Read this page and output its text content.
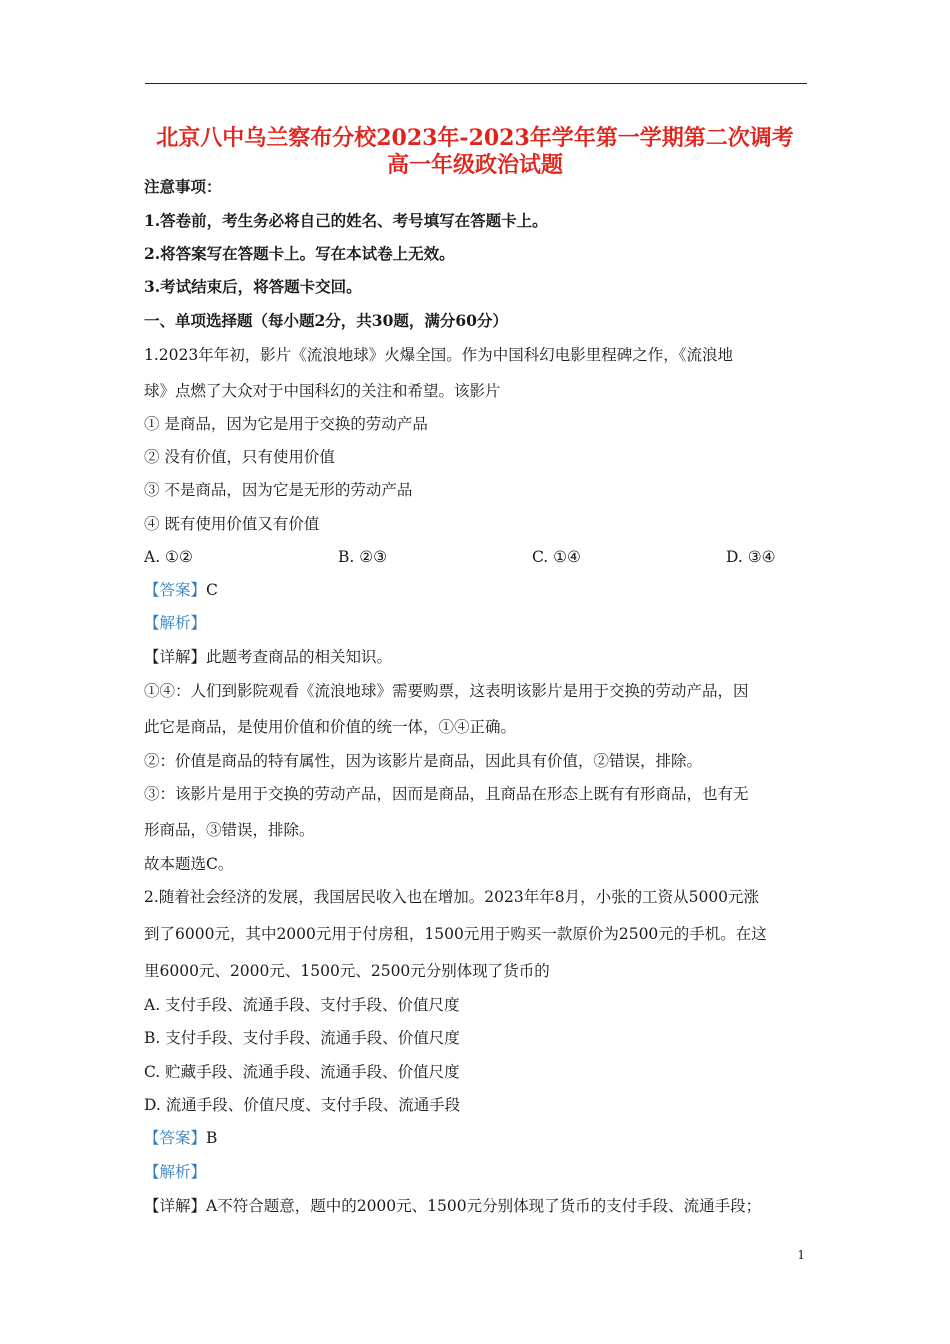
北京八中乌兰察布分校2023年-2023年学年第一学期第二次调考
高一年级政治试题
注意事项：
1.答卷前，考生务必将自己的姓名、考号填写在答题卡上。
2.将答案写在答题卡上。写在本试卷上无效。
3.考试结束后，将答题卡交回。
一、单项选择题（每小题2分，共30题，满分60分）
1.2023年年初，影片《流浪地球》火爆全国。作为中国科幻电影里程碑之作，《流浪地
球》点燃了大众对于中国科幻的关注和希望。该影片
① 是商品，因为它是用于交换的劳动产品
② 没有价值，只有使用价值
③ 不是商品，因为它是无形的劳动产品
④ 既有使用价值又有价值
A. ①②	B. ②③	C. ①④	D. ③④
【答案】C
【解析】
【详解】此题考查商品的相关知识。
①④：人们到影院观看《流浪地球》需要购票，这表明该影片是用于交换的劳动产品，因
此它是商品，是使用价值和价值的统一体，①④正确。
②：价值是商品的特有属性，因为该影片是商品，因此具有价值，②错误，排除。
③：该影片是用于交换的劳动产品，因而是商品，且商品在形态上既有有形商品，也有无
形商品，③错误，排除。
故本题选C。
2.随着社会经济的发展，我国居民收入也在增加。2023年年8月，小张的工资从5000元涨
到了6000元，其中2000元用于付房租，1500元用于购买一款原价为2500元的手机。在这
里6000元、2000元、1500元、2500元分别体现了货币的
A. 支付手段、流通手段、支付手段、价值尺度
B. 支付手段、支付手段、流通手段、价值尺度
C. 贮藏手段、流通手段、流通手段、价值尺度
D. 流通手段、价值尺度、支付手段、流通手段
【答案】B
【解析】
【详解】A不符合题意，题中的2000元、1500元分别体现了货币的支付手段、流通手段；
1
